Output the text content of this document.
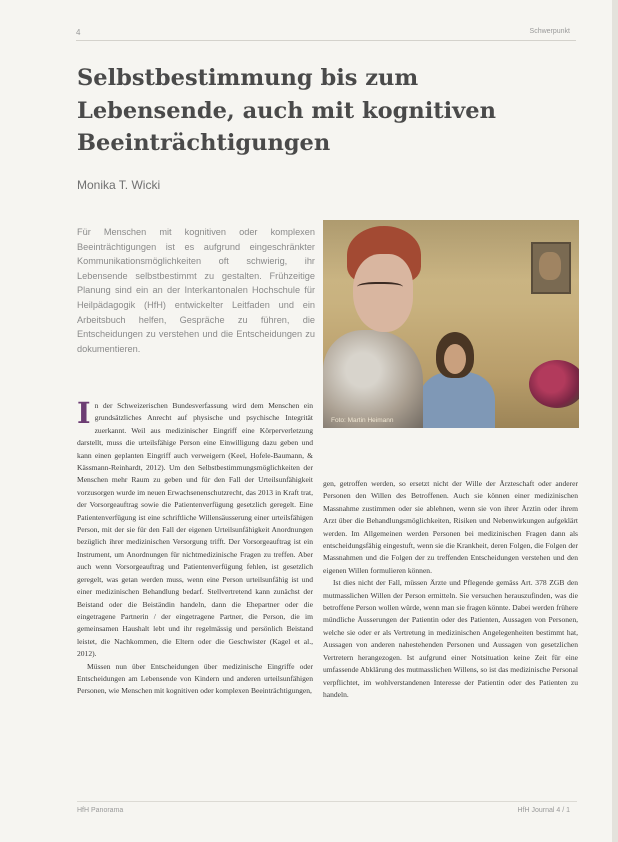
4	Schwerpunkt
Selbstbestimmung bis zum Lebensende, auch mit kognitiven Beeinträchtigungen
Monika T. Wicki
Für Menschen mit kognitiven oder komplexen Beeinträchtigungen ist es aufgrund eingeschränkter Kommunikationsmöglichkeiten oft schwierig, ihr Lebensende selbstbestimmt zu gestalten. Frühzeitige Planung sind ein an der Interkantonalen Hochschule für Heilpädagogik (HfH) entwickelter Leitfaden und ein Arbeitsbuch helfen, Gespräche zu führen, die Entscheidungen zu verstehen und die Entscheidungen zu dokumentieren.
Foto: Martin Heimann

In der Schweizerischen Bundesverfassung wird dem Menschen ein grundsätzliches Anrecht auf physische und psychische Integrität zuerkannt. Weil aus medizinischer Eingriff eine Körperverletzung darstellt, muss die urteilsfähige Person eine Einwilligung dazu geben und kann einen geplanten Eingriff auch verweigern (Keel, Hofele-Baumann, & Kässmann-Reinhardt, 2012). Um den Selbstbestimmungsmöglichkeiten der Menschen mehr Raum zu geben und für den Fall der Urteilsunfähigkeit vorzusorgen wurde im neuen Erwachsenenschutzrecht, das 2013 in Kraft trat, der Vorsorgeauftrag sowie die Patientenverfügung gesetzlich geregelt. Eine Patientenverfügung ist eine schriftliche Willensäusserung einer urteilsfähigen Person, mit der sie für den Fall der eigenen Urteilsunfähigkeit Anordnungen bezüglich ihrer medizinischen Versorgung trifft. Der Vorsorgeauftrag ist ein Instrument, um Anordnungen für nichtmedizinische Fragen zu treffen. Aber auch wenn Vorsorgeauftrag und Patientenverfügung fehlen, ist gesetzlich geregelt, was getan werden muss, wenn eine Person urteilsunfähig ist und einer medizinischen Behandlung bedarf. Stellvertretend kann zunächst der Beistand oder die Beiständin handeln, dann die Ehepartner oder die eingetragene Partnerin / der eingetragene Partner, die Person, die im gemeinsamen Haushalt lebt und ihr regelmässig und persönlich Beistand leistet, die Nachkommen, die Eltern oder die Geschwister (Kagel et al., 2012).

Müssen nun über Entscheidungen über medizinische Eingriffe oder Entscheidungen am Lebensende von Kindern und anderen urteilsunfähigen Personen, wie Menschen mit kognitiven oder komplexen Beeinträchtigungen,

gen, getroffen werden, so ersetzt nicht der Wille der Ärzteschaft oder anderer Personen den Willen des Betroffenen. Auch sie können einer medizinischen Massnahme zustimmen oder sie ablehnen, wenn sie von ihrer Ärztin oder ihrem Arzt über die Behandlungsmöglichkeiten, Risiken und Nebenwirkungen aufgeklärt werden. Im Allgemeinen werden Personen bei medizinischen Fragen dann als entscheidungsfähig eingestuft, wenn sie die Krankheit, deren Folgen, die Folgen der Massnahmen und die Folgen der zu treffenden Entscheidungen verstehen und den eigenen Willen formulieren können.

Ist dies nicht der Fall, müssen Ärzte und Pflegende gemäss Art. 378 ZGB den mutmasslichen Willen der Person ermitteln. Sie versuchen herauszufinden, was die betroffene Person wollen würde, wenn man sie fragen könnte. Dabei werden frühere mündliche Äusserungen der Patientin oder des Patienten, Aussagen von Personen, welche sie oder er als Vertretung in medizinischen Angelegenheiten bestimmt hat, Aussagen von anderen nahestehenden Personen und Aussagen von gesetzlichen Vertretern herangezogen. Ist aufgrund einer Notsituation keine Zeit für eine umfassende Abklärung des mutmasslichen Willens, so ist das medizinische Personal verpflichtet, im wohlverstandenen Interesse der Patientin oder des Patienten zu handeln.

HfH Panorama	HfH Journal 4 / 1
